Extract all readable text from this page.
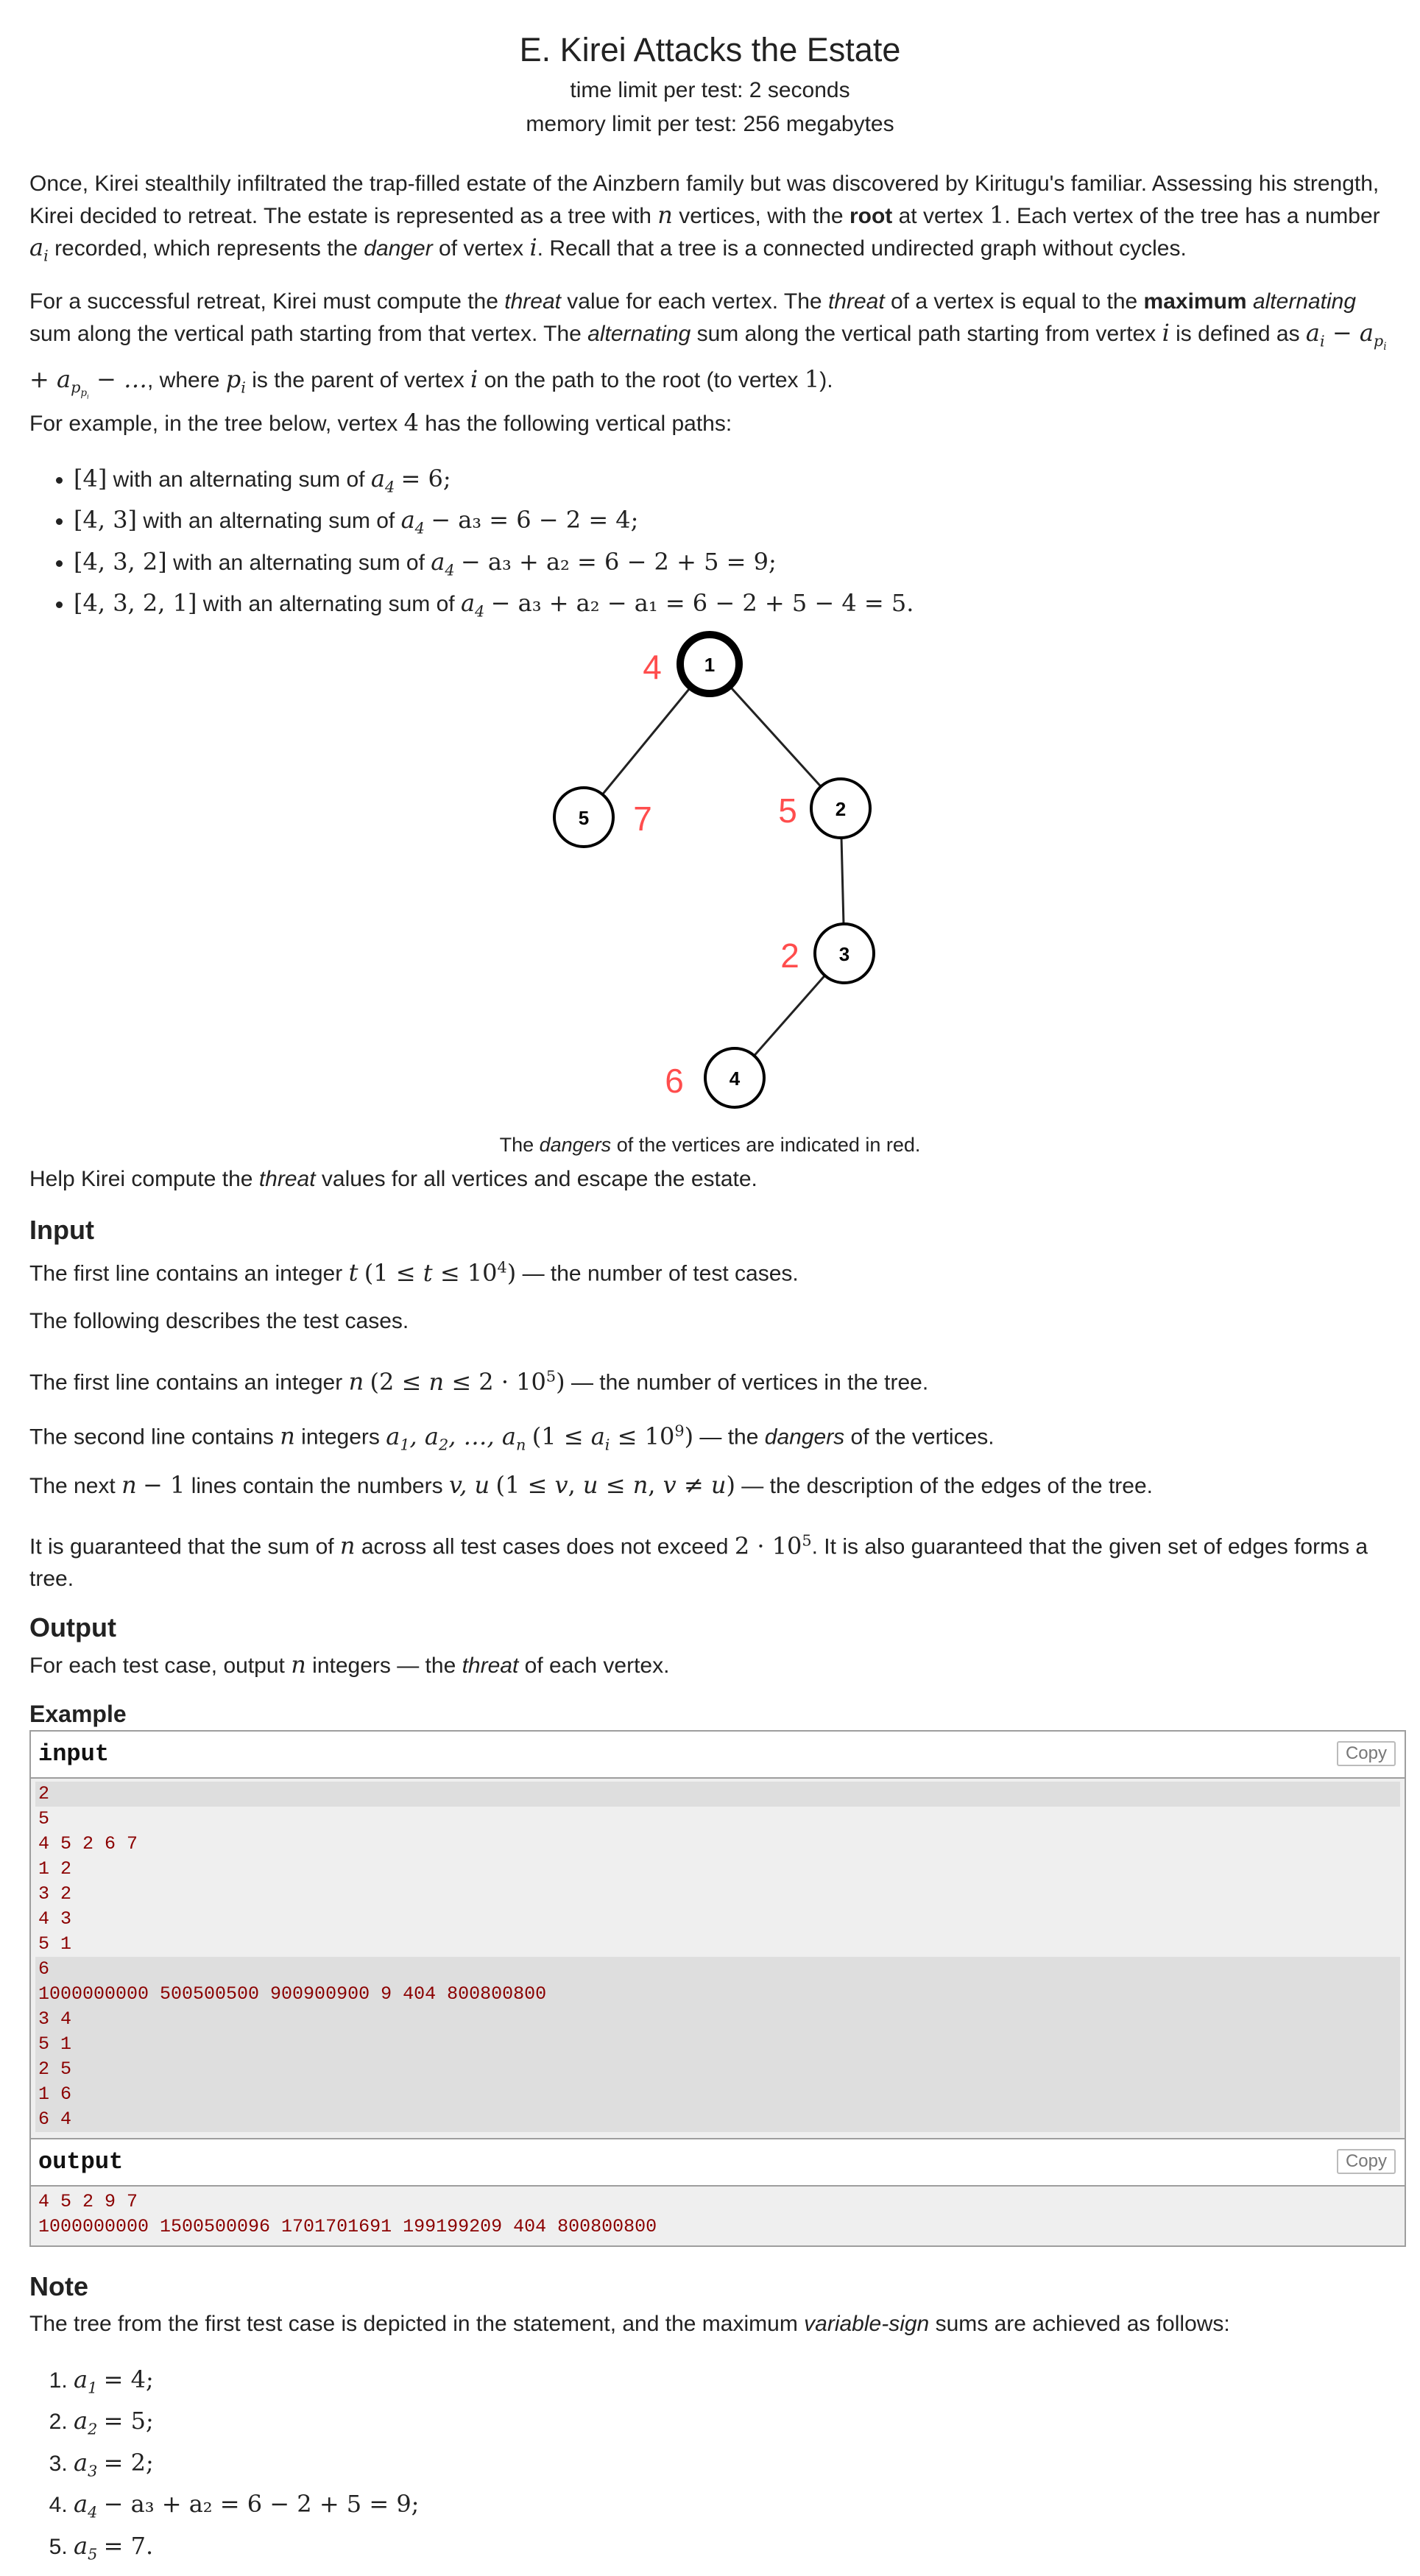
E. Kirei Attacks the Estate
time limit per test: 2 seconds
memory limit per test: 256 megabytes

Once, Kirei stealthily infiltrated the trap-filled estate of the Ainzbern family but was discovered by Kiritugu's familiar. Assessing his strength, Kirei decided to retreat. The estate is represented as a tree with n vertices, with the root at vertex 1. Each vertex of the tree has a number $a_i$ recorded, which represents the danger of vertex i. Recall that a tree is a connected undirected graph without cycles.

For a successful retreat, Kirei must compute the threat value for each vertex. The threat of a vertex is equal to the maximum alternating sum along the vertical path starting from that vertex. The alternating sum along the vertical path starting from vertex i is defined as $a_i - a_{p_i} + a_{p_{p_i}}$ − …, where $p_i$ is the parent of vertex i on the path to the root (to vertex 1).

For example, in the tree below, vertex 4 has the following vertical paths:

• [4] with an alternating sum of $a_4 = 6$;
• [4, 3] with an alternating sum of $a_4 - a_3 = 6 - 2 = 4$;
• [4, 3, 2] with an alternating sum of $a_4 - a_3 + a_2 = 6 - 2 + 5 = 9$;
• [4, 3, 2, 1] with an alternating sum of $a_4 - a_3 + a_2 - a_1 = 6 - 2 + 5 - 4 = 5$.
1
4
5 7	2
5
3
2
4
6
The dangers of the vertices are indicated in red.

Help Kirei compute the threat values for all vertices and escape the estate.

Input
The first line contains an integer t $(1 \le t \le 10^4)$ — the number of test cases.
The following describes the test cases.
The first line contains an integer n $(2 \le n \le 2 \cdot 10^5)$ — the number of vertices in the tree.
The second line contains n integers $a_1$, $a_2$, …, $a_n$ $(1 \le a_i \le 10^9)$ — the dangers of the vertices.
The next n − 1 lines contain the numbers v, u (1 ≤ v, u ≤ n, v ≠ u) — the description of the edges of the tree.
It is guaranteed that the sum of n across all test cases does not exceed $2 \cdot 10^5$. It is also guaranteed that the given set of edges forms a tree.
Output
For each test case, output n integers — the threat of each vertex.
Example
input	Copy
2
5
4 5 2 6 7
1 2
3 2
4 3
5 1
6
1000000000 500500500 900900900 9 404 800800800
3 4
5 1
2 5
1 6
6 4
output	Copy
4 5 2 9 7
1000000000 1500500096 1701701691 199199209 404 800800800
Note
The tree from the first test case is depicted in the statement, and the maximum variable-sign sums are achieved as follows:
1. $a_1 = 4$;
2. $a_2 = 5$;
3. $a_3 = 2$;
4. $a_4 - a_3 + a_2 = 6 - 2 + 5 = 9$;
5. $a_5 = 7$.
